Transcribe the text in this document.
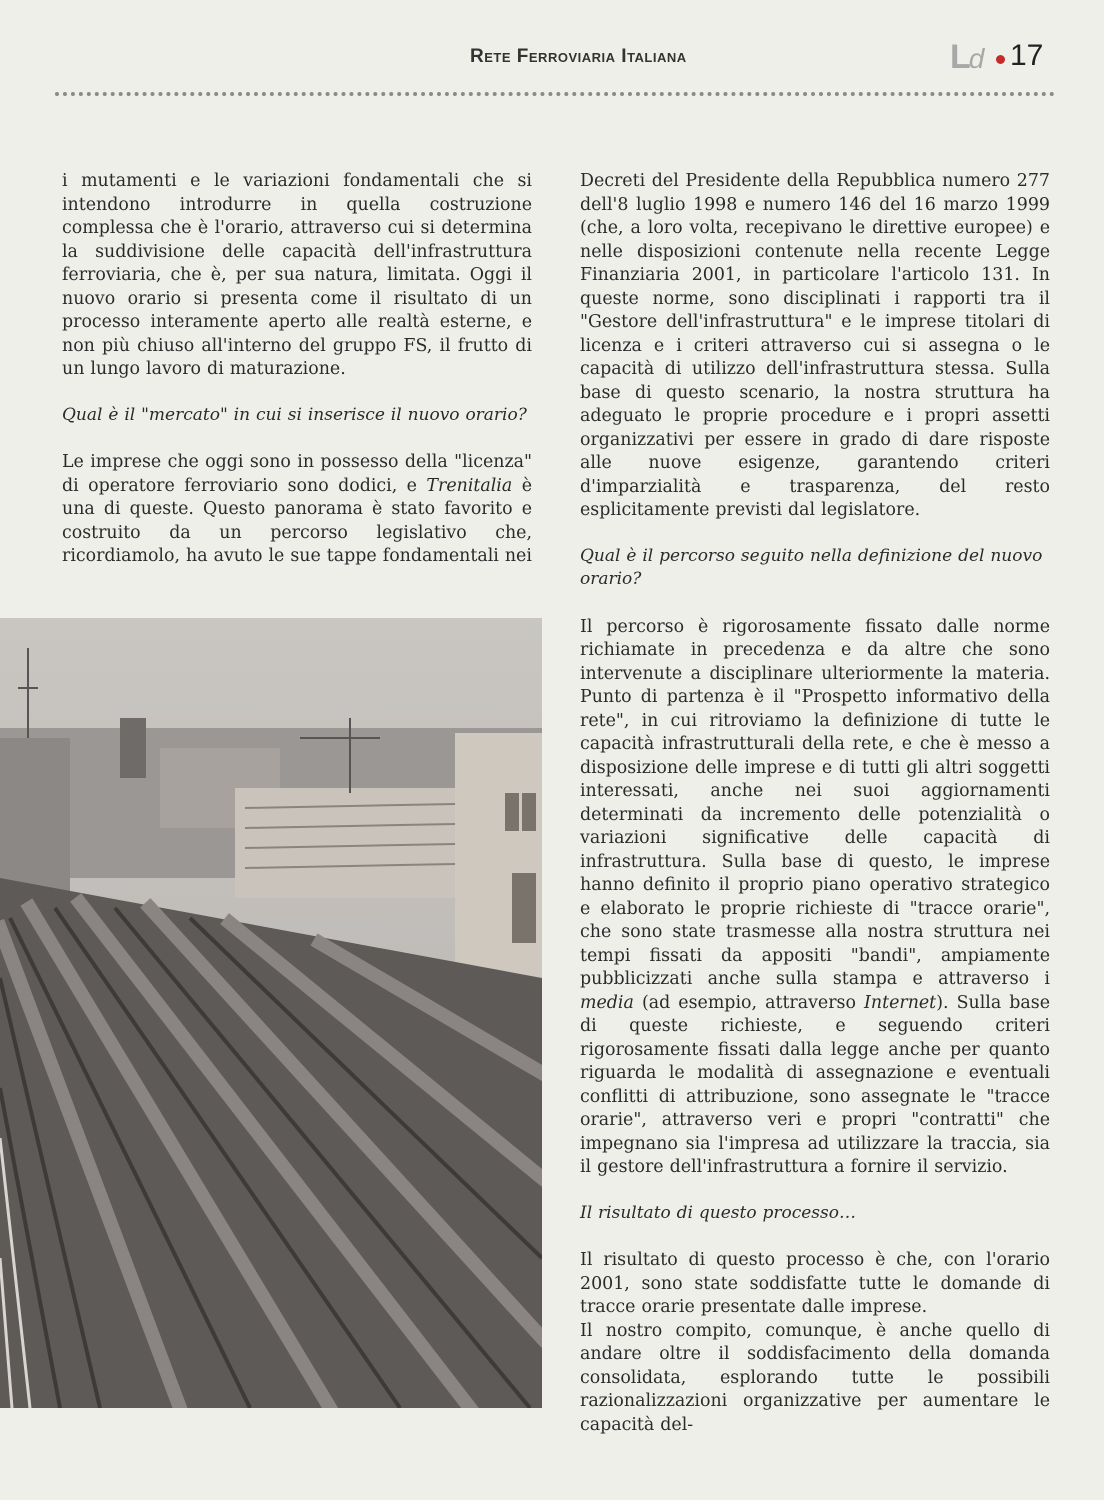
Rete Ferroviaria Italiana	Ld 17

i mutamenti e le variazioni fondamentali che si intendono introdurre in quella costruzione complessa che è l'orario, attraverso cui si determina la suddivisione delle capacità dell'infrastruttura ferroviaria, che è, per sua natura, limitata. Oggi il nuovo orario si presenta come il risultato di un processo interamente aperto alle realtà esterne, e non più chiuso all'interno del gruppo FS, il frutto di un lungo lavoro di maturazione.

Qual è il "mercato" in cui si inserisce il nuovo orario?

Le imprese che oggi sono in possesso della "licenza" di operatore ferroviario sono dodici, e Trenitalia è una di queste. Questo panorama è stato favorito e costruito da un percorso legislativo che, ricordiamolo, ha avuto le sue tappe fondamentali nei

Decreti del Presidente della Repubblica numero 277 dell'8 luglio 1998 e numero 146 del 16 marzo 1999 (che, a loro volta, recepivano le direttive europee) e nelle disposizioni contenute nella recente Legge Finanziaria 2001, in particolare l'articolo 131. In queste norme, sono disciplinati i rapporti tra il "Gestore dell'infrastruttura" e le imprese titolari di licenza e i criteri attraverso cui si assegna o le capacità di utilizzo dell'infrastruttura stessa. Sulla base di questo scenario, la nostra struttura ha adeguato le proprie procedure e i propri assetti organizzativi per essere in grado di dare risposte alle nuove esigenze, garantendo criteri d'imparzialità e trasparenza, del resto esplicitamente previsti dal legislatore.

Qual è il percorso seguito nella definizione del nuovo orario?

Il percorso è rigorosamente fissato dalle norme richiamate in precedenza e da altre che sono intervenute a disciplinare ulteriormente la materia. Punto di partenza è il "Prospetto informativo della rete", in cui ritroviamo la definizione di tutte le capacità infrastrutturali della rete, e che è messo a disposizione delle imprese e di tutti gli altri soggetti interessati, anche nei suoi aggiornamenti determinati da incremento delle potenzialità o variazioni significative delle capacità di infrastruttura. Sulla base di questo, le imprese hanno definito il proprio piano operativo strategico e elaborato le proprie richieste di "tracce orarie", che sono state trasmesse alla nostra struttura nei tempi fissati da appositi "bandi", ampiamente pubblicizzati anche sulla stampa e attraverso i media (ad esempio, attraverso Internet). Sulla base di queste richieste, e seguendo criteri rigorosamente fissati dalla legge anche per quanto riguarda le modalità di assegnazione e eventuali conflitti di attribuzione, sono assegnate le "tracce orarie", attraverso veri e propri "contratti" che impegnano sia l'impresa ad utilizzare la traccia, sia il gestore dell'infrastruttura a fornire il servizio.

Il risultato di questo processo…

Il risultato di questo processo è che, con l'orario 2001, sono state soddisfatte tutte le domande di tracce orarie presentate dalle imprese.

Il nostro compito, comunque, è anche quello di andare oltre il soddisfacimento della domanda consolidata, esplorando tutte le possibili razionalizzazioni organizzative per aumentare le capacità del-
